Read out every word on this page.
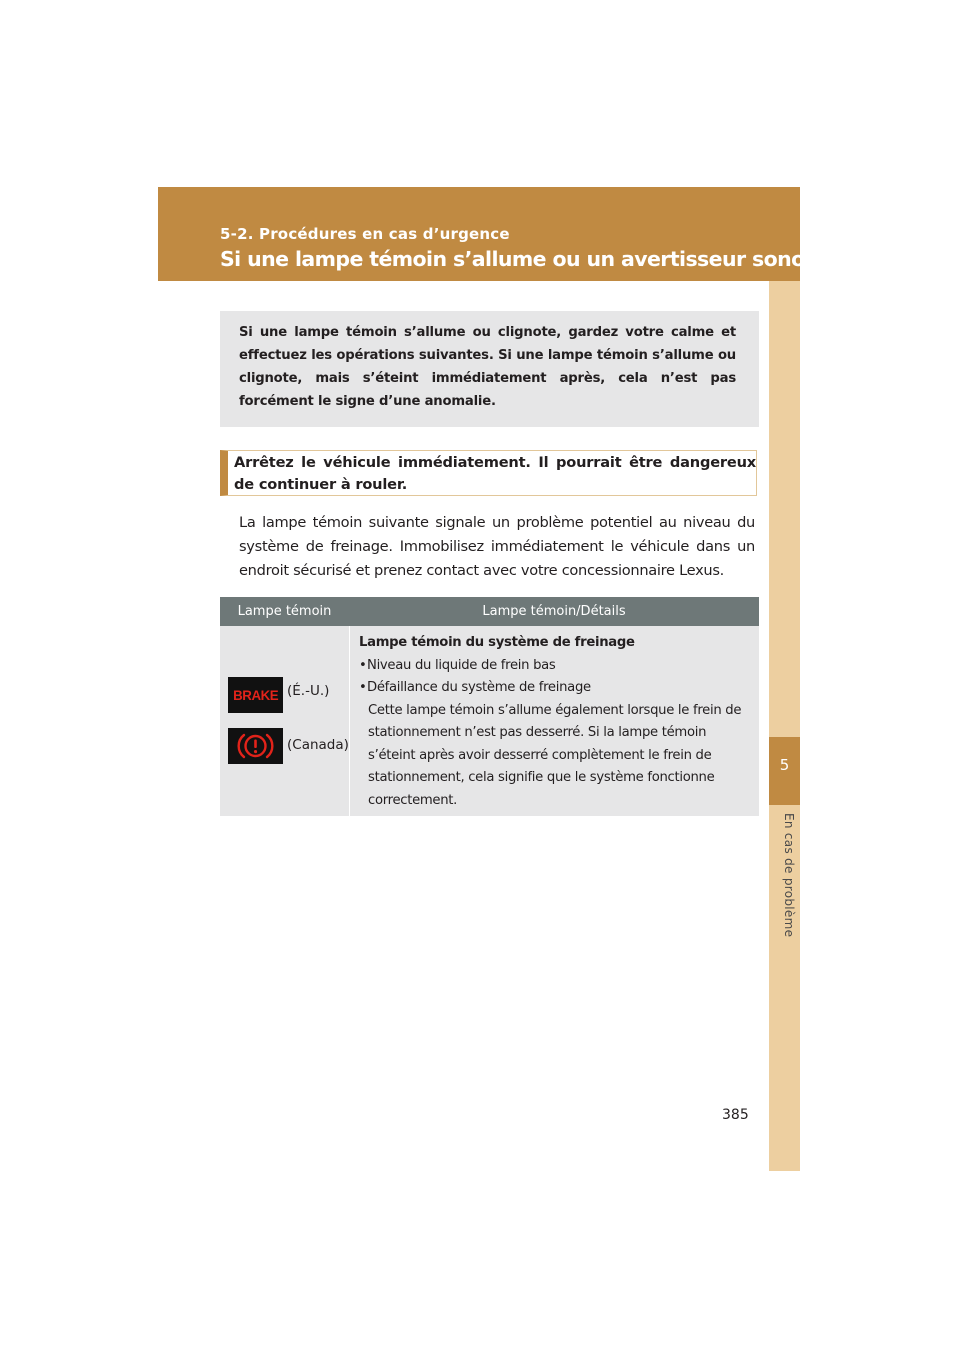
5-2. Procédures en cas d’urgence
Si une lampe témoin s’allume ou un avertisseur sonore retentit...
5
En cas de problème
Si une lampe témoin s’allume ou clignote, gardez votre calme et effectuez les opérations suivantes. Si une lampe témoin s’allume ou clignote, mais s’éteint immédiatement après, cela n’est pas forcément le signe d’une anomalie.
Arrêtez le véhicule immédiatement. Il pourrait être dangereux de continuer à rouler.
La lampe témoin suivante signale un problème potentiel au niveau du système de freinage. Immobilisez immédiatement le véhicule dans un endroit sécurisé et prenez contact avec votre concessionnaire Lexus.
Lampe témoin	Lampe témoin/Détails
BRAKE (É.-U.)
(Canada)
Lampe témoin du système de freinage
• Niveau du liquide de frein bas
• Défaillance du système de freinage
Cette lampe témoin s’allume également lorsque le frein de stationnement n’est pas desserré. Si la lampe témoin s’éteint après avoir desserré complètement le frein de stationnement, cela signifie que le système fonctionne correctement.
385
